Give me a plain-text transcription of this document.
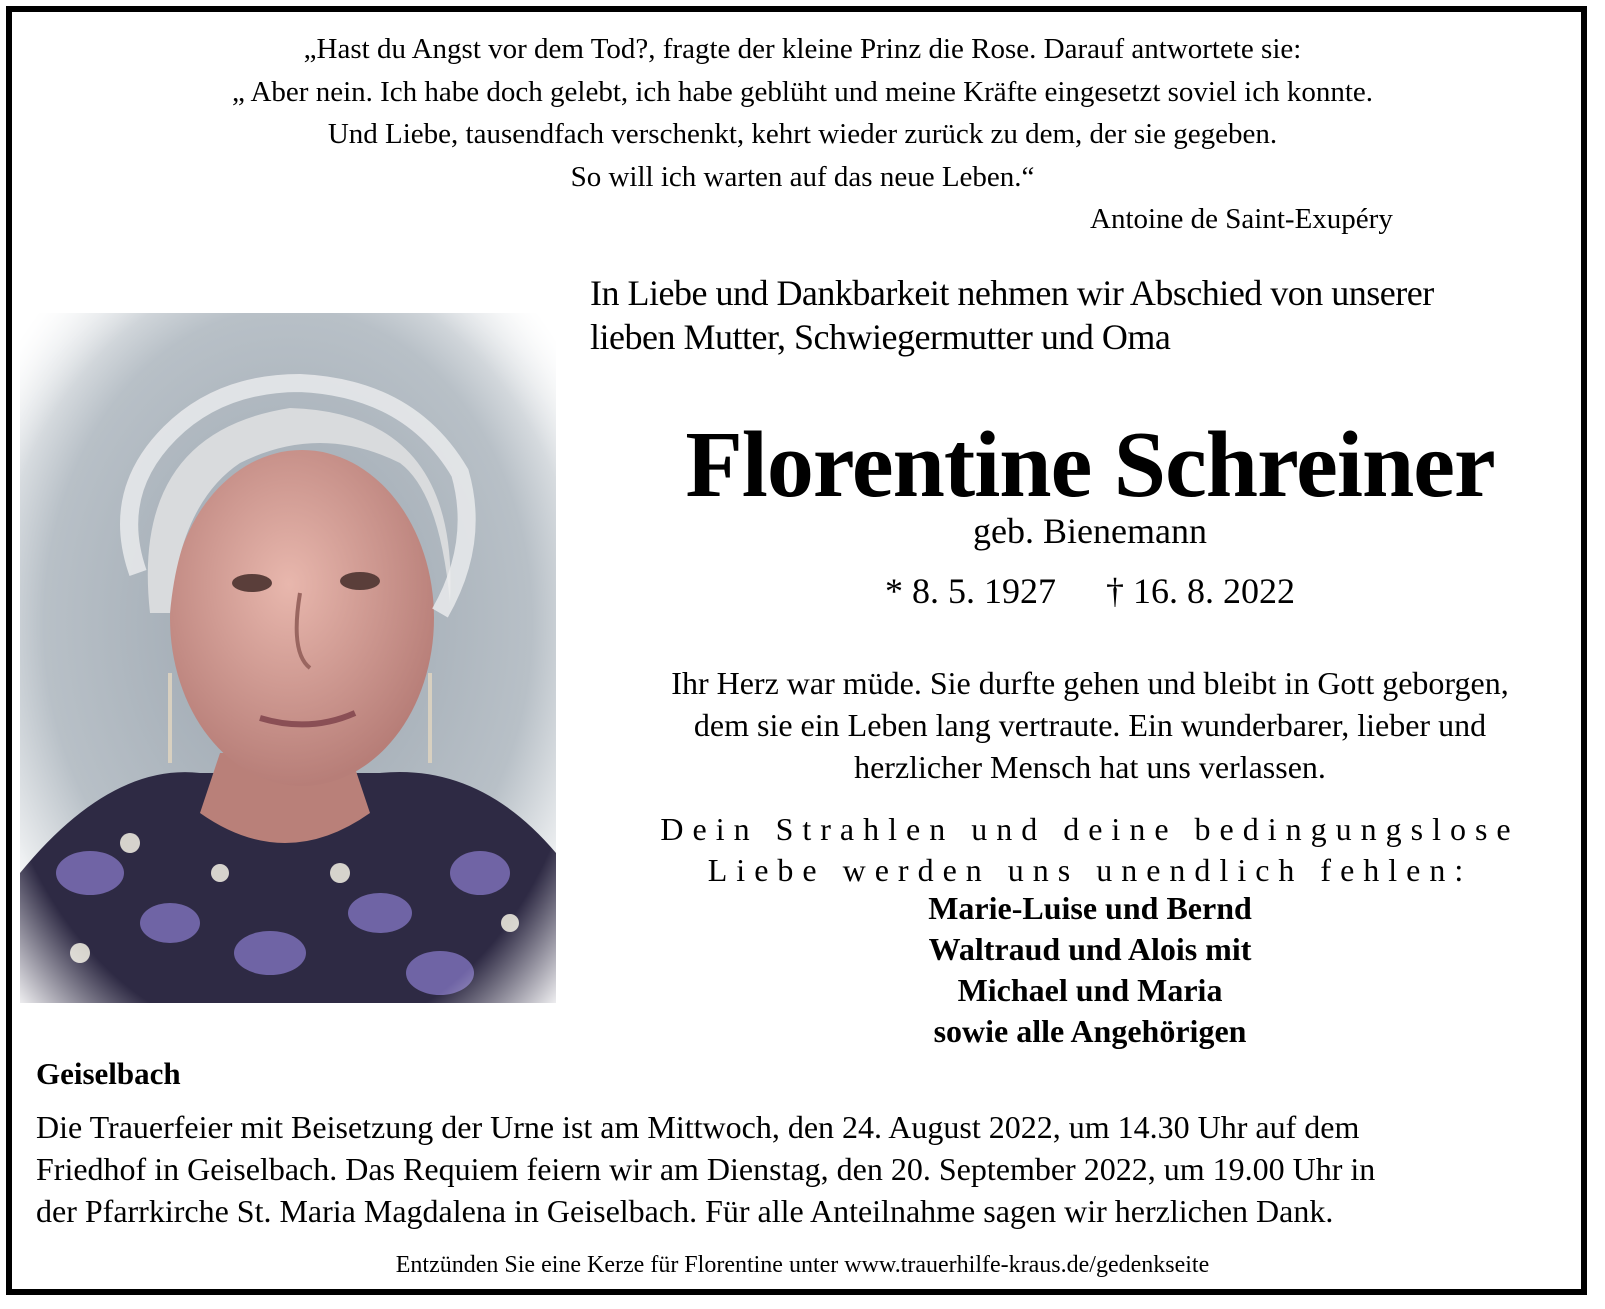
„Hast du Angst vor dem Tod?, fragte der kleine Prinz die Rose. Darauf antwortete sie:
„ Aber nein. Ich habe doch gelebt, ich habe geblüht und meine Kräfte eingesetzt soviel ich konnte.
Und Liebe, tausendfach verschenkt, kehrt wieder zurück zu dem, der sie gegeben.
So will ich warten auf das neue Leben.“
Antoine de Saint-Exupéry
In Liebe und Dankbarkeit nehmen wir Abschied von unserer
lieben Mutter, Schwiegermutter und Oma
Florentine Schreiner
geb. Bienemann
* 8. 5. 1927 † 16. 8. 2022
Ihr Herz war müde. Sie durfte gehen und bleibt in Gott geborgen,
dem sie ein Leben lang vertraute. Ein wunderbarer, lieber und
herzlicher Mensch hat uns verlassen.
Dein Strahlen und deine bedingungslose
Liebe werden uns unendlich fehlen:
Marie-Luise und Bernd
Waltraud und Alois mit
Michael und Maria
sowie alle Angehörigen
Geiselbach
Die Trauerfeier mit Beisetzung der Urne ist am Mittwoch, den 24. August 2022, um 14.30 Uhr auf dem
Friedhof in Geiselbach. Das Requiem feiern wir am Dienstag, den 20. September 2022, um 19.00 Uhr in
der Pfarrkirche St. Maria Magdalena in Geiselbach. Für alle Anteilnahme sagen wir herzlichen Dank.
Entzünden Sie eine Kerze für Florentine unter www.trauerhilfe-kraus.de/gedenkseite
